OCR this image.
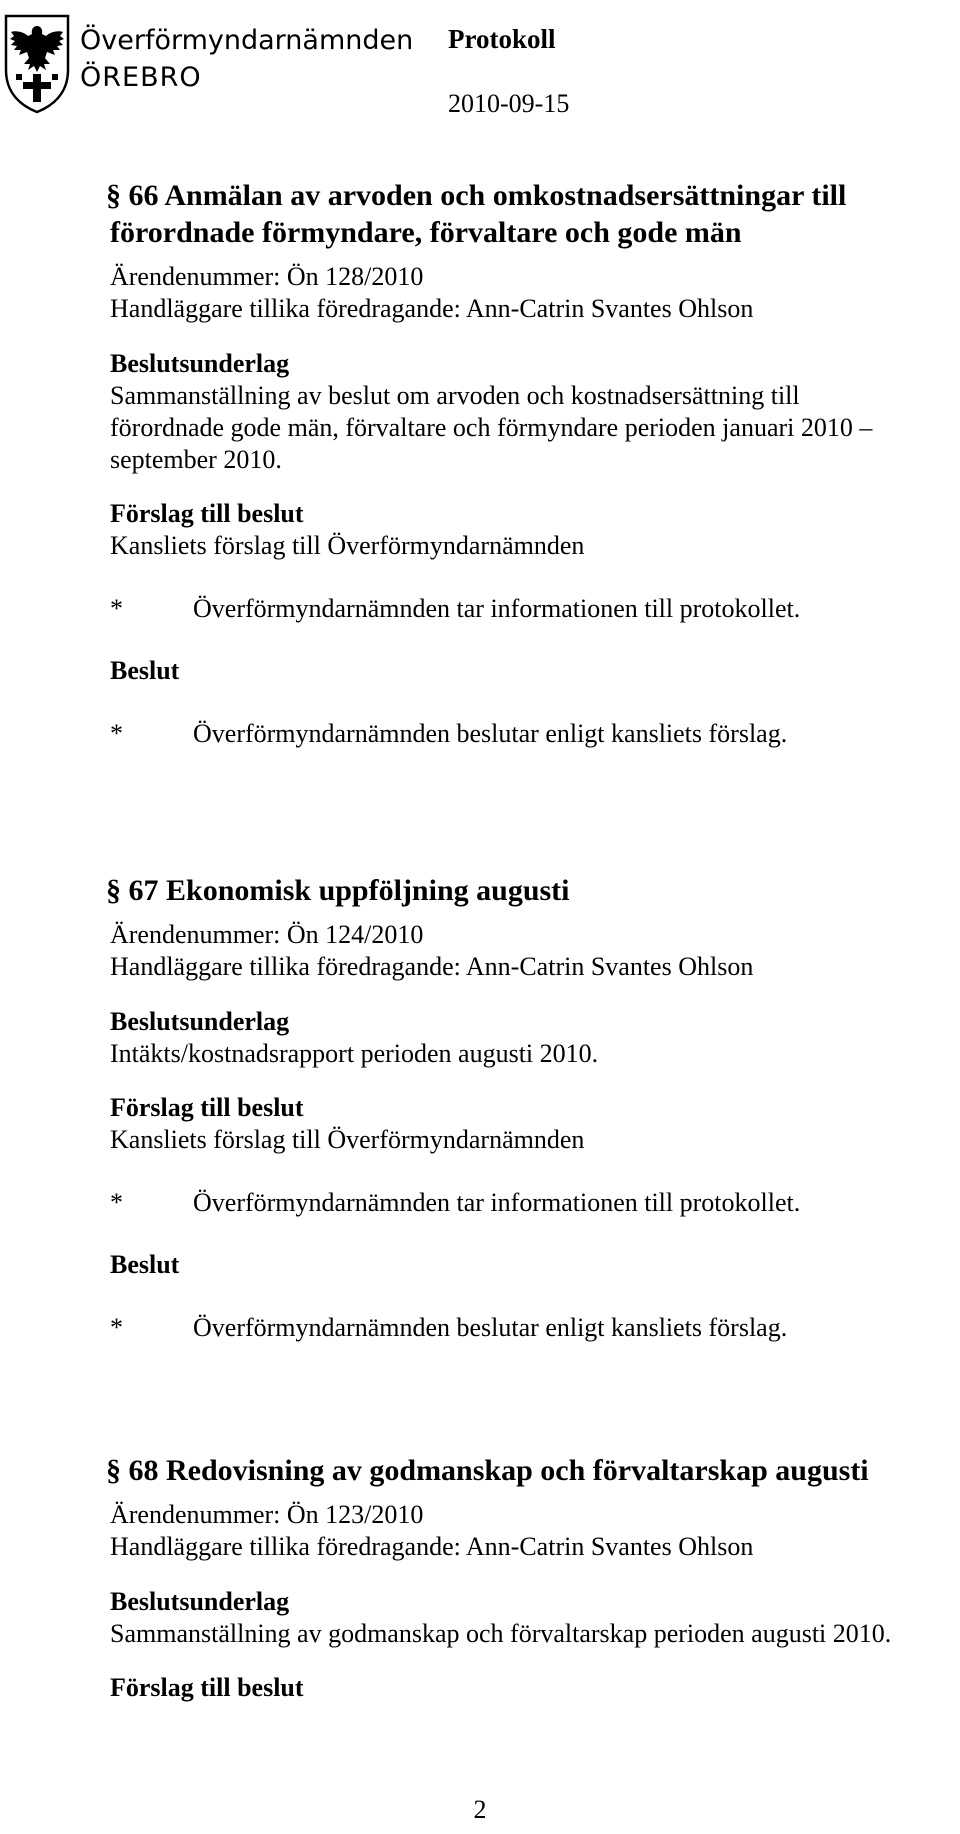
Överförmyndarnämnden
ÖREBRO
Protokoll
2010-09-15

§ 66 Anmälan av arvoden och omkostnadsersättningar till

förordnade förmyndare, förvaltare och gode män

Ärendenummer: Ön 128/2010

Handläggare tillika föredragande: Ann-Catrin Svantes Ohlson

Beslutsunderlag

Sammanställning av beslut om arvoden och kostnadsersättning till

förordnade gode män, förvaltare och förmyndare perioden januari 2010 –

september 2010.

Förslag till beslut

Kansliets förslag till Överförmyndarnämnden

*	Överförmyndarnämnden tar informationen till protokollet.

Beslut

*	Överförmyndarnämnden beslutar enligt kansliets förslag.

§ 67 Ekonomisk uppföljning augusti

Ärendenummer: Ön 124/2010

Handläggare tillika föredragande: Ann-Catrin Svantes Ohlson

Beslutsunderlag

Intäkts/kostnadsrapport perioden augusti 2010.

Förslag till beslut

Kansliets förslag till Överförmyndarnämnden

*	Överförmyndarnämnden tar informationen till protokollet.

Beslut

*	Överförmyndarnämnden beslutar enligt kansliets förslag.

§ 68 Redovisning av godmanskap och förvaltarskap augusti

Ärendenummer: Ön 123/2010

Handläggare tillika föredragande: Ann-Catrin Svantes Ohlson

Beslutsunderlag

Sammanställning av godmanskap och förvaltarskap perioden augusti 2010.

Förslag till beslut

2
